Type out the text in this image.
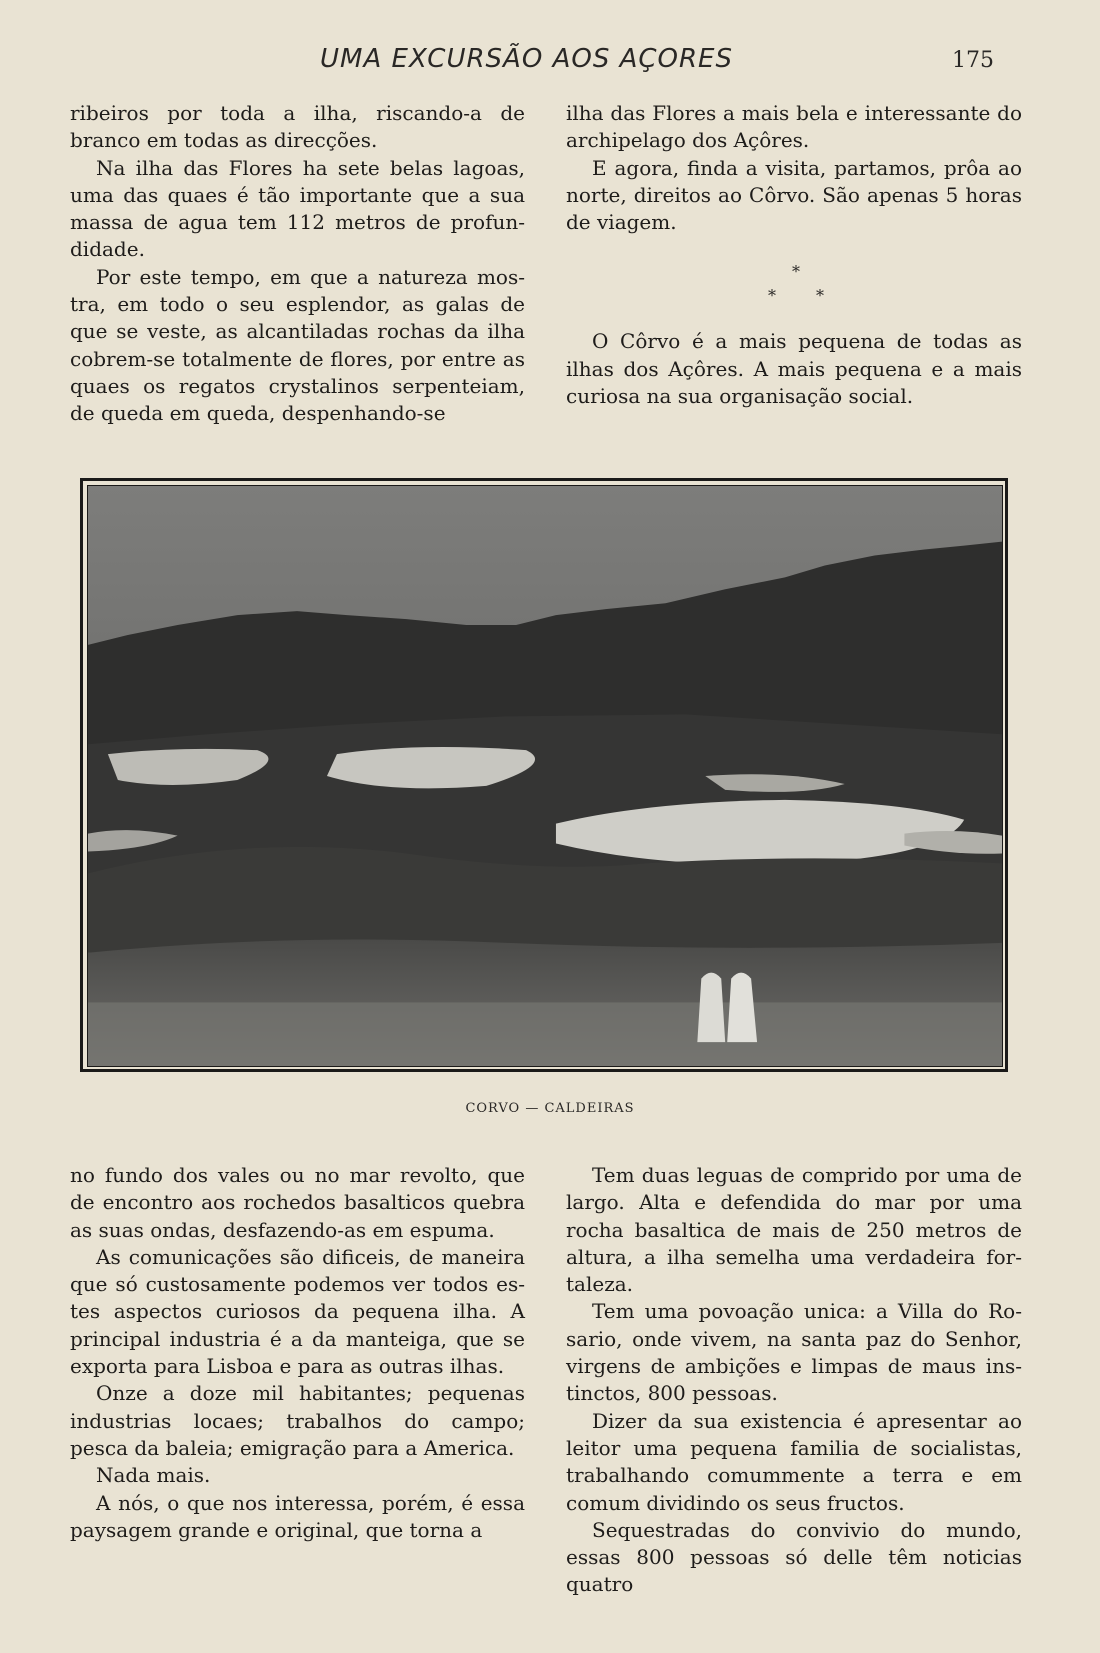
UMA EXCURSÃO AOS AÇORES	175

ribeiros por toda a ilha, riscando-a de branco em todas as direcções.

Na ilha das Flores ha sete belas lagoas, uma das quaes é tão importante que a sua massa de agua tem 112 metros de profundidade.

Por este tempo, em que a natureza mostra, em todo o seu esplendor, as galas de que se veste, as alcantiladas rochas da ilha cobrem-se totalmente de flores, por entre as quaes os regatos crystalinos serpenteiam, de queda em queda, despenhando-se

ilha das Flores a mais bela e interessante do archipelago dos Açôres.

E agora, finda a visita, partamos, prôa ao norte, direitos ao Côrvo. São apenas 5 horas de viagem.

O Côrvo é a mais pequena de todas as ilhas dos Açôres. A mais pequena e a mais curiosa na sua organisação social.

*
*	*
CORVO — CALDEIRAS

no fundo dos vales ou no mar revolto, que de encontro aos rochedos basalticos quebra as suas ondas, desfazendo-as em espuma.

As comunicações são dificeis, de maneira que só custosamente podemos ver todos estes aspectos curiosos da pequena ilha. A principal industria é a da manteiga, que se exporta para Lisboa e para as outras ilhas.

Onze a doze mil habitantes; pequenas industrias locaes; trabalhos do campo; pesca da baleia; emigração para a America.

Nada mais.

A nós, o que nos interessa, porém, é essa paysagem grande e original, que torna a

Tem duas leguas de comprido por uma de largo. Alta e defendida do mar por uma rocha basaltica de mais de 250 metros de altura, a ilha semelha uma verdadeira fortaleza.

Tem uma povoação unica: a Villa do Rosario, onde vivem, na santa paz do Senhor, virgens de ambições e limpas de maus instinctos, 800 pessoas.

Dizer da sua existencia é apresentar ao leitor uma pequena familia de socialistas, trabalhando comummente a terra e em comum dividindo os seus fructos.

Sequestradas do convivio do mundo, essas 800 pessoas só delle têm noticias quatro
